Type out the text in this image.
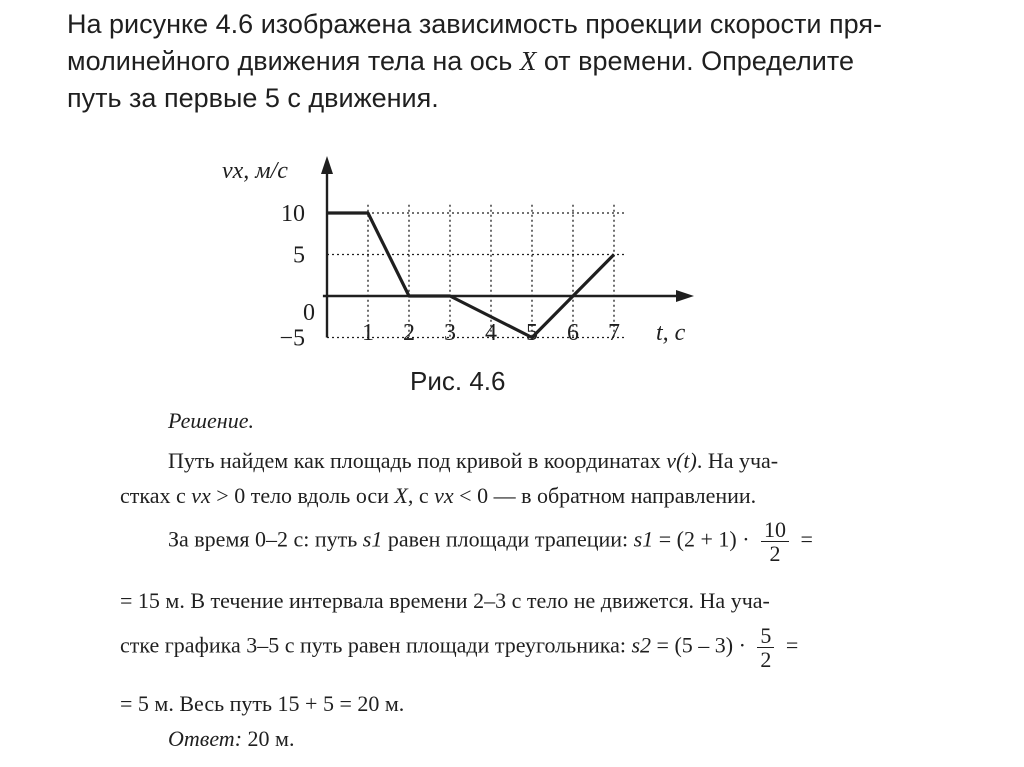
На рисунке 4.6 изображена зависимость проекции скорости пря-

молинейного движения тела на ось X от времени. Определите

путь за первые 5 с движения.

10
5
0
−5 1 2 3 4 5 6 7
vx, м/с
t, с

Рис. 4.6

Решение.
Путь найдем как площадь под кривой в координатах v(t). На уча-
стках с vx > 0 тело вдоль оси X, с vx < 0 — в обратном направлении.
За время 0–2 с: путь s1 равен площади трапеции: $s1 = (2 + 1) \cdot \frac{10}{2}$ =
= 15 м. В течение интервала времени 2–3 с тело не движется. На уча-
стке графика 3–5 с путь равен площади треугольника: $s2 = (5 - 3) \cdot \frac{5}{2}$ =
= 5 м. Весь путь 15 + 5 = 20 м.
Ответ: 20 м.
